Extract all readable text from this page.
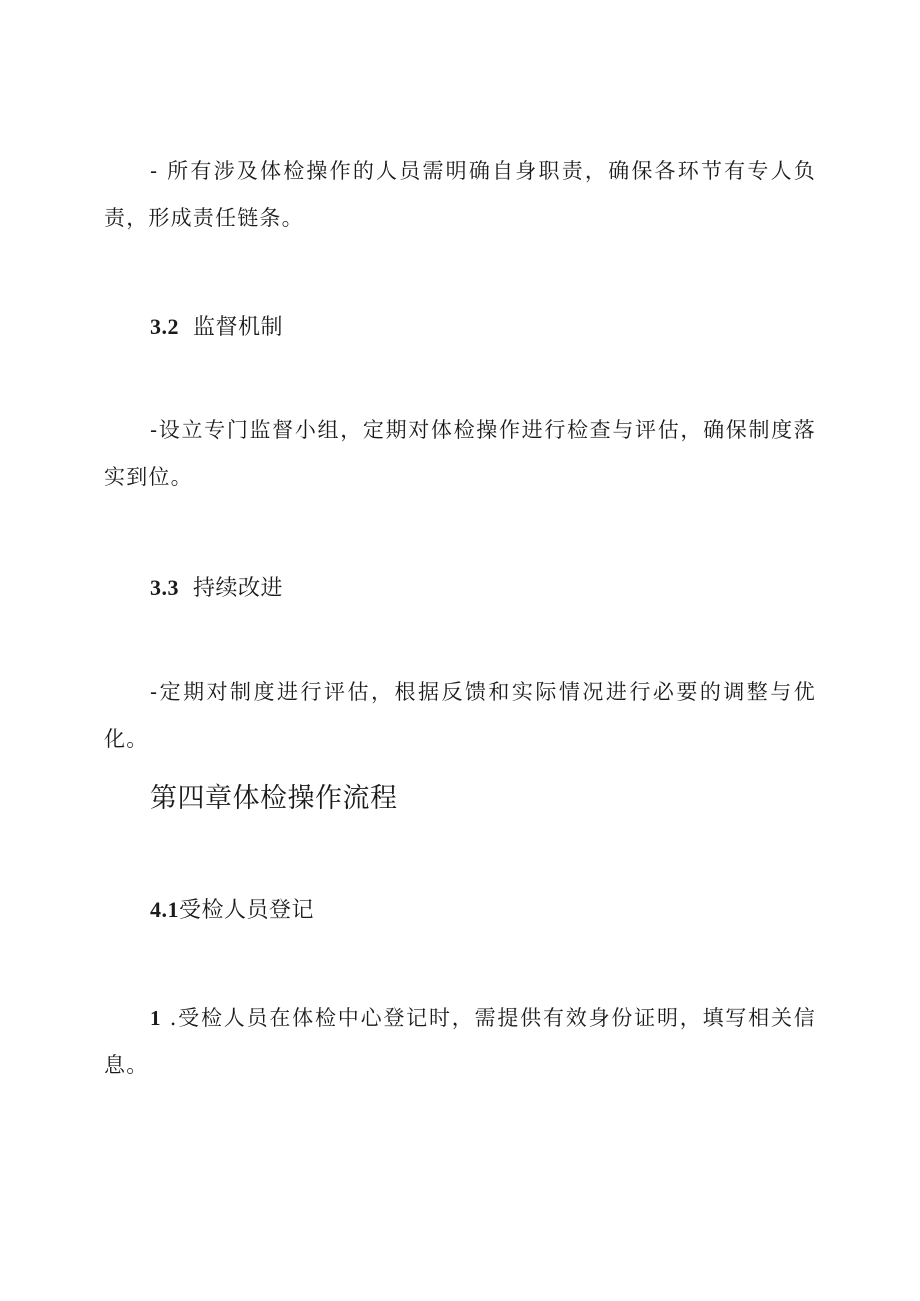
- 所有涉及体检操作的人员需明确自身职责，确保各环节有专人负责，形成责任链条。

3.2 监督机制

-设立专门监督小组，定期对体检操作进行检查与评估，确保制度落实到位。

3.3 持续改进

-定期对制度进行评估，根据反馈和实际情况进行必要的调整与优化。

第四章体检操作流程
4.1受检人员登记

1 .受检人员在体检中心登记时，需提供有效身份证明，填写相关信息。
